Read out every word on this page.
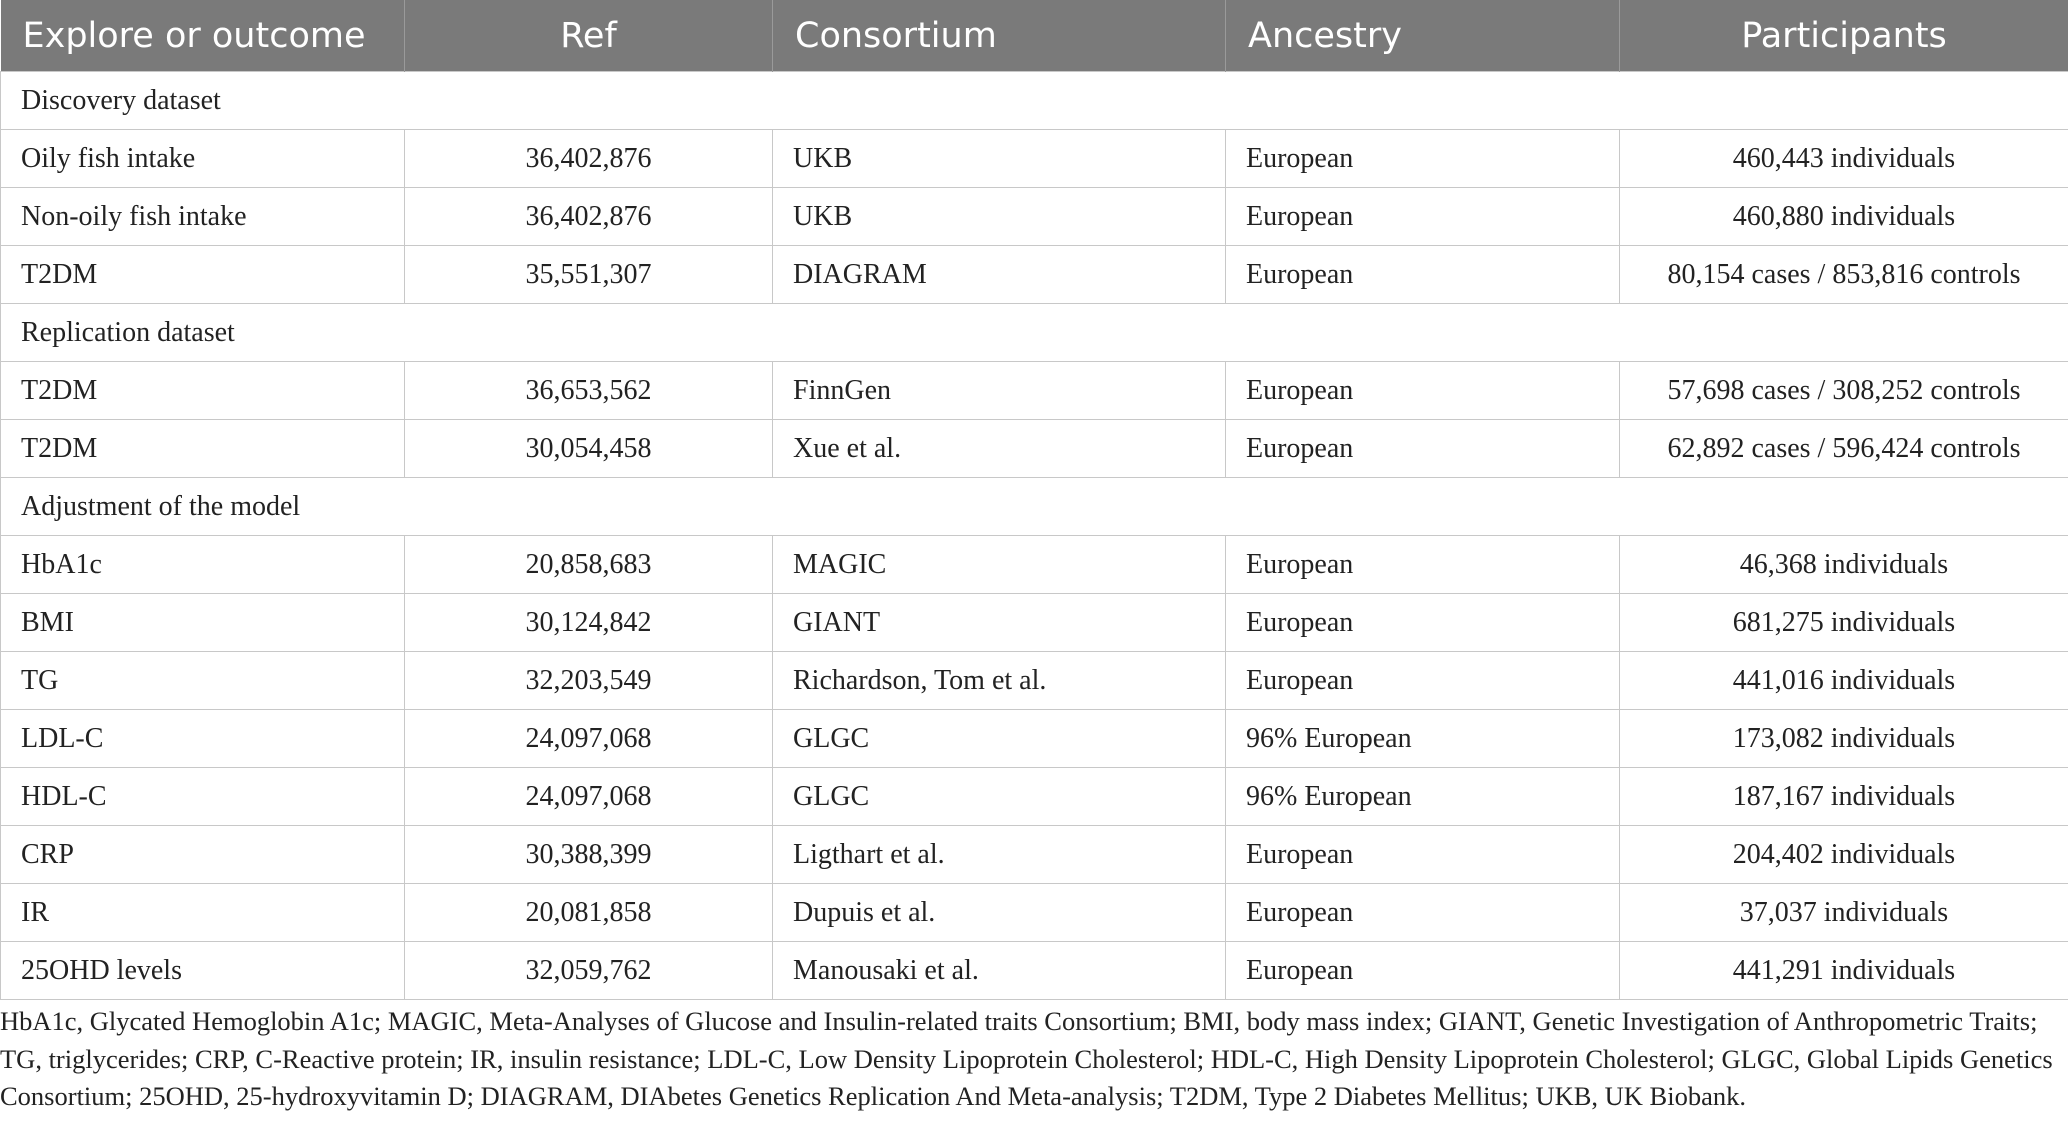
Explore or outcome	Ref	Consortium	Ancestry	Participants
Discovery dataset				
Oily fish intake	36,402,876	UKB	European	460,443 individuals
Non-oily fish intake	36,402,876	UKB	European	460,880 individuals
T2DM	35,551,307	DIAGRAM	European	80,154 cases / 853,816 controls
Replication dataset				
T2DM	36,653,562	FinnGen	European	57,698 cases / 308,252 controls
T2DM	30,054,458	Xue et al.	European	62,892 cases / 596,424 controls
Adjustment of the model				
HbA1c	20,858,683	MAGIC	European	46,368 individuals
BMI	30,124,842	GIANT	European	681,275 individuals
TG	32,203,549	Richardson, Tom et al.	European	441,016 individuals
LDL-C	24,097,068	GLGC	96% European	173,082 individuals
HDL-C	24,097,068	GLGC	96% European	187,167 individuals
CRP	30,388,399	Ligthart et al.	European	204,402 individuals
IR	20,081,858	Dupuis et al.	European	37,037 individuals
25OHD levels	32,059,762	Manousaki et al.	European	441,291 individuals

HbA1c, Glycated Hemoglobin A1c; MAGIC, Meta-Analyses of Glucose and Insulin-related traits Consortium; BMI, body mass index; GIANT, Genetic Investigation of Anthropometric Traits; TG, triglycerides; CRP, C-Reactive protein; IR, insulin resistance; LDL-C, Low Density Lipoprotein Cholesterol; HDL-C, High Density Lipoprotein Cholesterol; GLGC, Global Lipids Genetics Consortium; 25OHD, 25-hydroxyvitamin D; DIAGRAM, DIAbetes Genetics Replication And Meta-analysis; T2DM, Type 2 Diabetes Mellitus; UKB, UK Biobank.
